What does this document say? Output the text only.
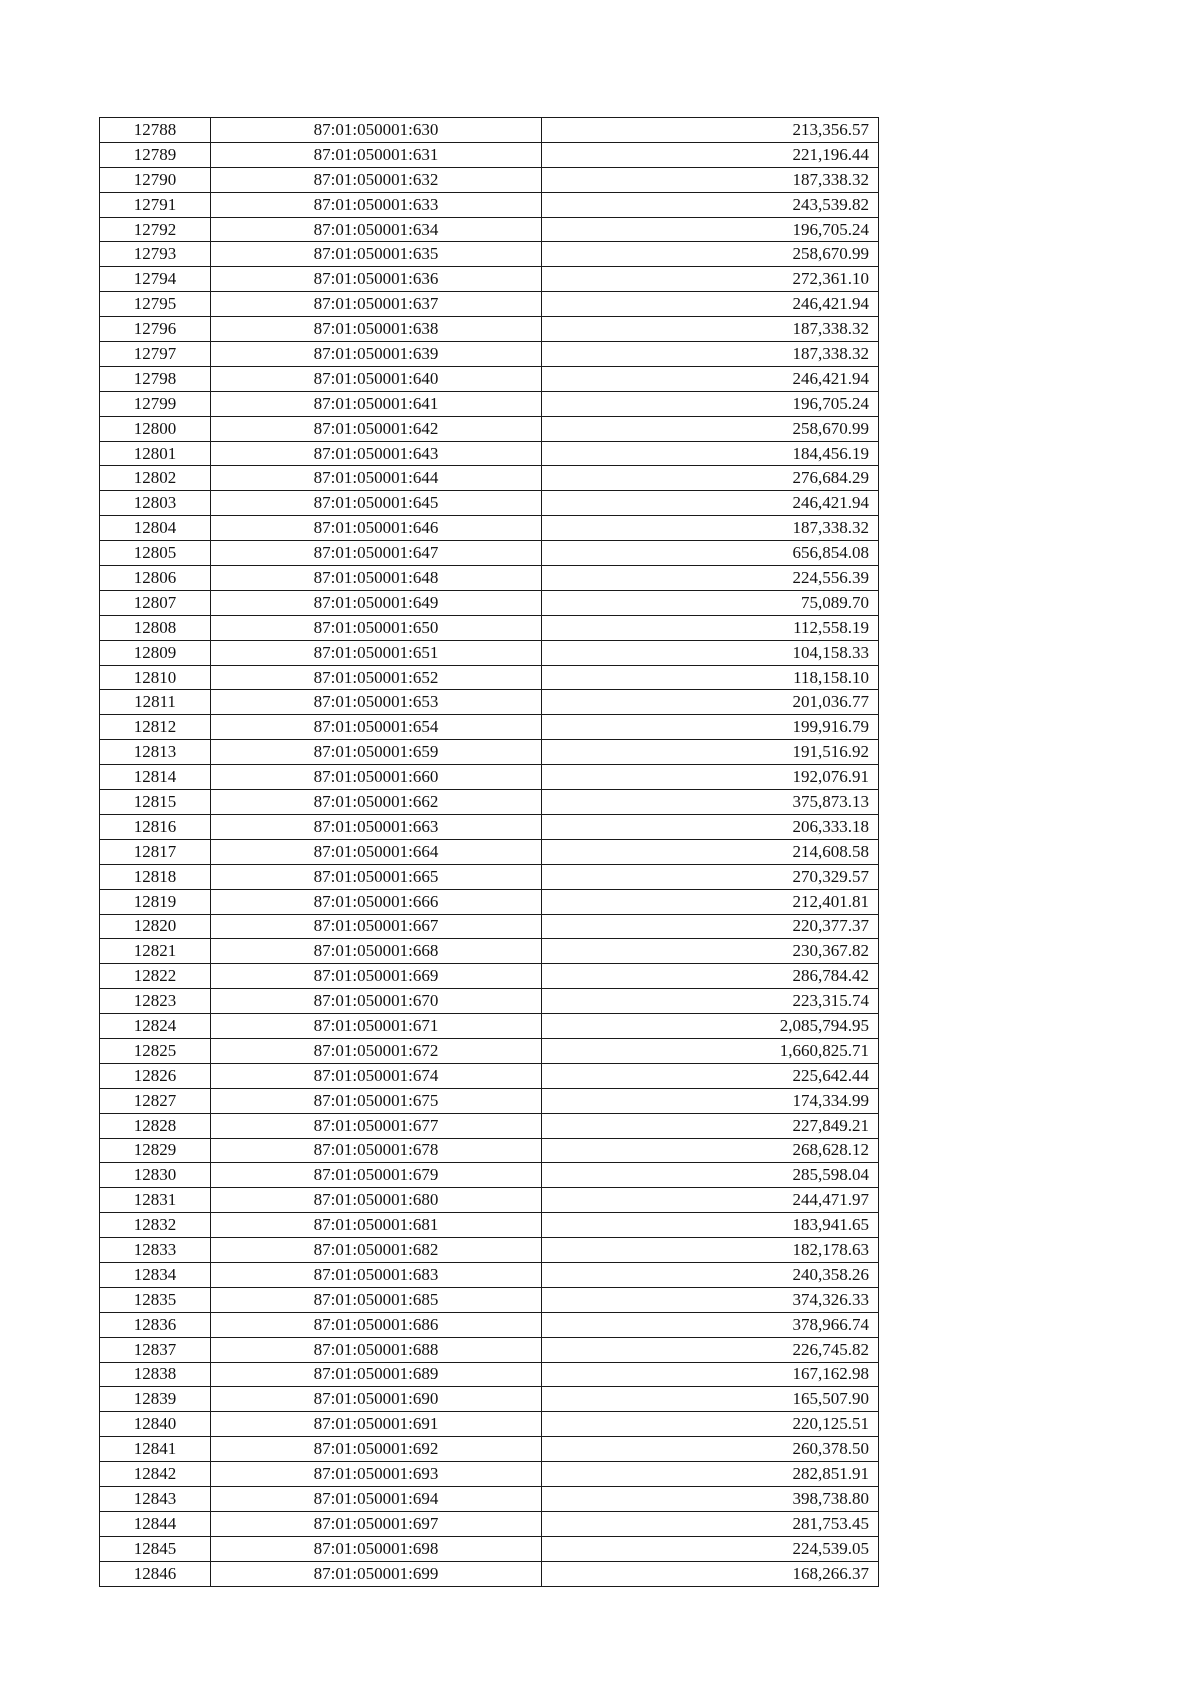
12788	87:01:050001:630	213,356.57
12789	87:01:050001:631	221,196.44
12790	87:01:050001:632	187,338.32
12791	87:01:050001:633	243,539.82
12792	87:01:050001:634	196,705.24
12793	87:01:050001:635	258,670.99
12794	87:01:050001:636	272,361.10
12795	87:01:050001:637	246,421.94
12796	87:01:050001:638	187,338.32
12797	87:01:050001:639	187,338.32
12798	87:01:050001:640	246,421.94
12799	87:01:050001:641	196,705.24
12800	87:01:050001:642	258,670.99
12801	87:01:050001:643	184,456.19
12802	87:01:050001:644	276,684.29
12803	87:01:050001:645	246,421.94
12804	87:01:050001:646	187,338.32
12805	87:01:050001:647	656,854.08
12806	87:01:050001:648	224,556.39
12807	87:01:050001:649	75,089.70
12808	87:01:050001:650	112,558.19
12809	87:01:050001:651	104,158.33
12810	87:01:050001:652	118,158.10
12811	87:01:050001:653	201,036.77
12812	87:01:050001:654	199,916.79
12813	87:01:050001:659	191,516.92
12814	87:01:050001:660	192,076.91
12815	87:01:050001:662	375,873.13
12816	87:01:050001:663	206,333.18
12817	87:01:050001:664	214,608.58
12818	87:01:050001:665	270,329.57
12819	87:01:050001:666	212,401.81
12820	87:01:050001:667	220,377.37
12821	87:01:050001:668	230,367.82
12822	87:01:050001:669	286,784.42
12823	87:01:050001:670	223,315.74
12824	87:01:050001:671	2,085,794.95
12825	87:01:050001:672	1,660,825.71
12826	87:01:050001:674	225,642.44
12827	87:01:050001:675	174,334.99
12828	87:01:050001:677	227,849.21
12829	87:01:050001:678	268,628.12
12830	87:01:050001:679	285,598.04
12831	87:01:050001:680	244,471.97
12832	87:01:050001:681	183,941.65
12833	87:01:050001:682	182,178.63
12834	87:01:050001:683	240,358.26
12835	87:01:050001:685	374,326.33
12836	87:01:050001:686	378,966.74
12837	87:01:050001:688	226,745.82
12838	87:01:050001:689	167,162.98
12839	87:01:050001:690	165,507.90
12840	87:01:050001:691	220,125.51
12841	87:01:050001:692	260,378.50
12842	87:01:050001:693	282,851.91
12843	87:01:050001:694	398,738.80
12844	87:01:050001:697	281,753.45
12845	87:01:050001:698	224,539.05
12846	87:01:050001:699	168,266.37
